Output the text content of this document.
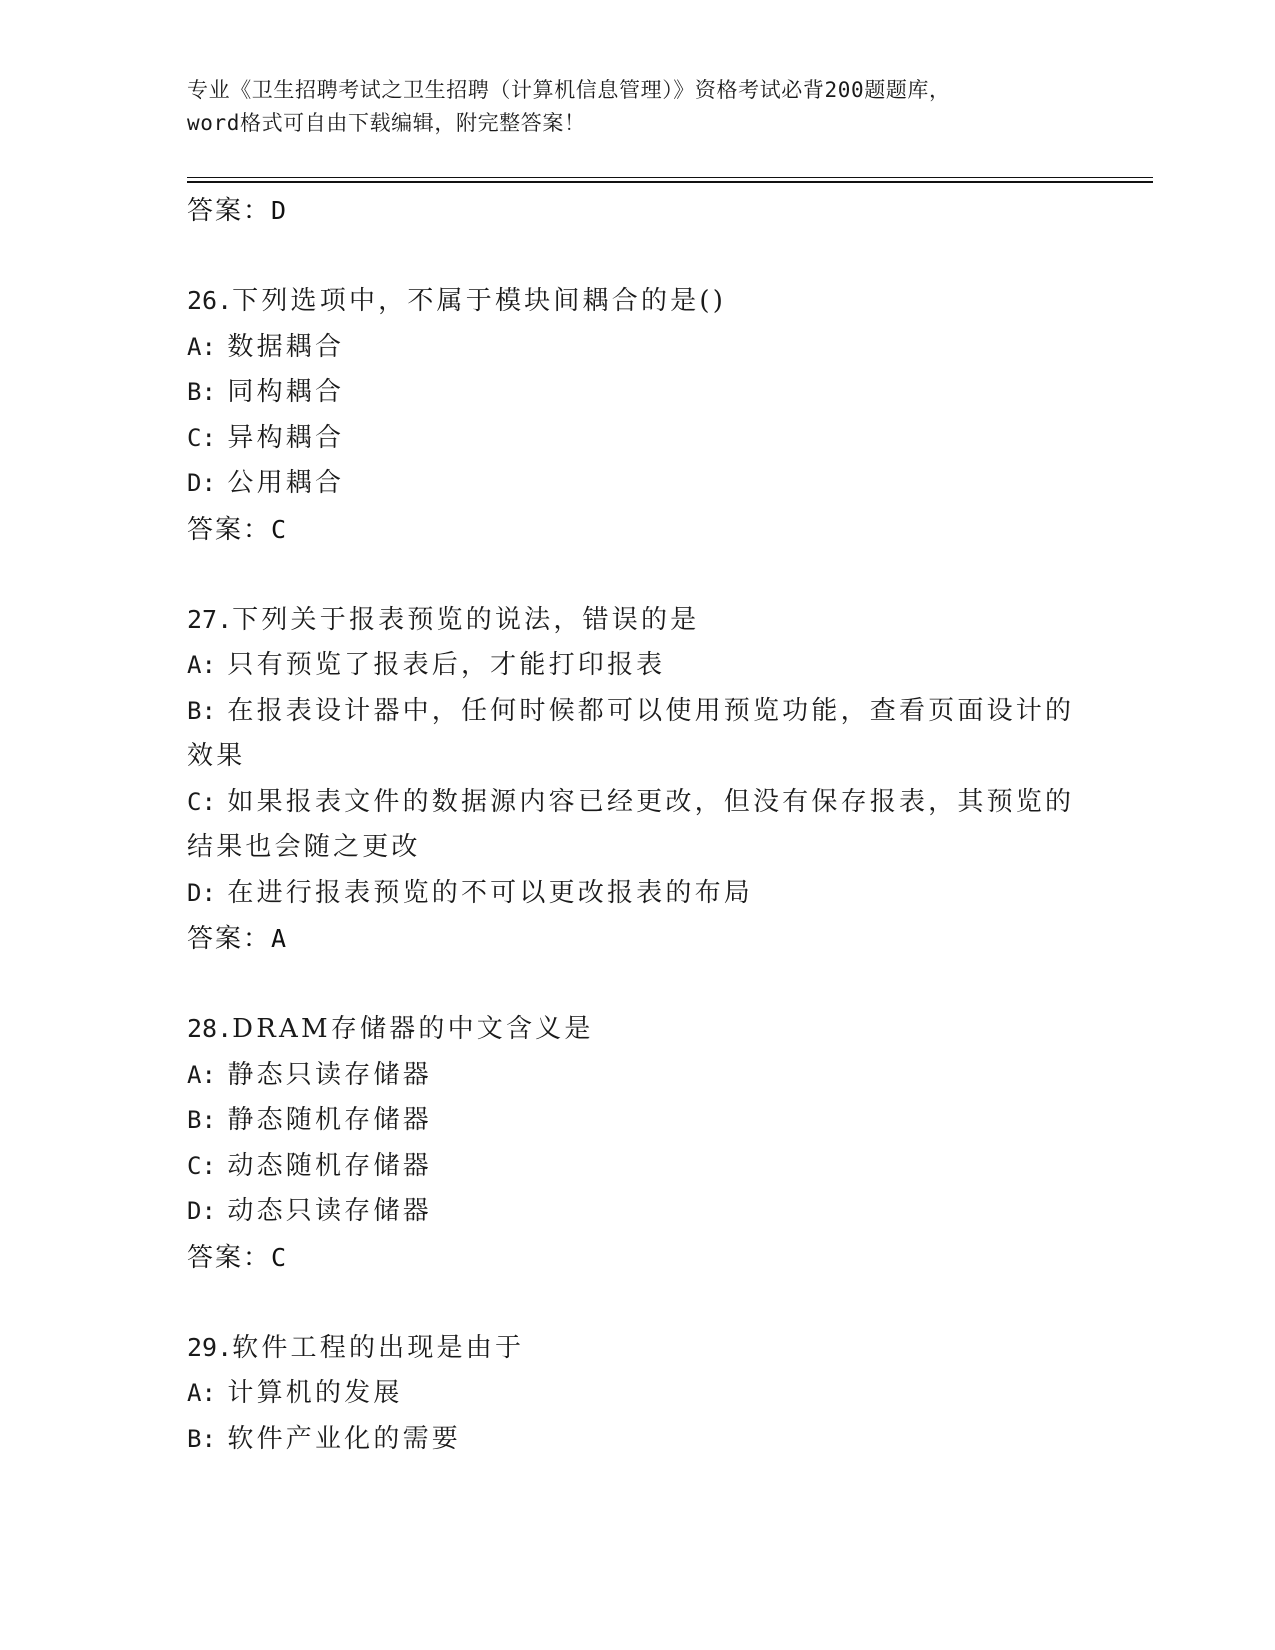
专业《卫生招聘考试之卫生招聘（计算机信息管理）》资格考试必背200题题库，
word格式可自由下载编辑，附完整答案！
答案：D
26.下列选项中，不属于模块间耦合的是()
A: 数据耦合
B: 同构耦合
C: 异构耦合
D: 公用耦合
答案：C
27.下列关于报表预览的说法，错误的是
A: 只有预览了报表后，才能打印报表
B: 在报表设计器中，任何时候都可以使用预览功能，查看页面设计的效果
C: 如果报表文件的数据源内容已经更改，但没有保存报表，其预览的结果也会随之更改
D: 在进行报表预览的不可以更改报表的布局
答案：A
28.DRAM存储器的中文含义是
A: 静态只读存储器
B: 静态随机存储器
C: 动态随机存储器
D: 动态只读存储器
答案：C
29.软件工程的出现是由于
A: 计算机的发展
B: 软件产业化的需要
